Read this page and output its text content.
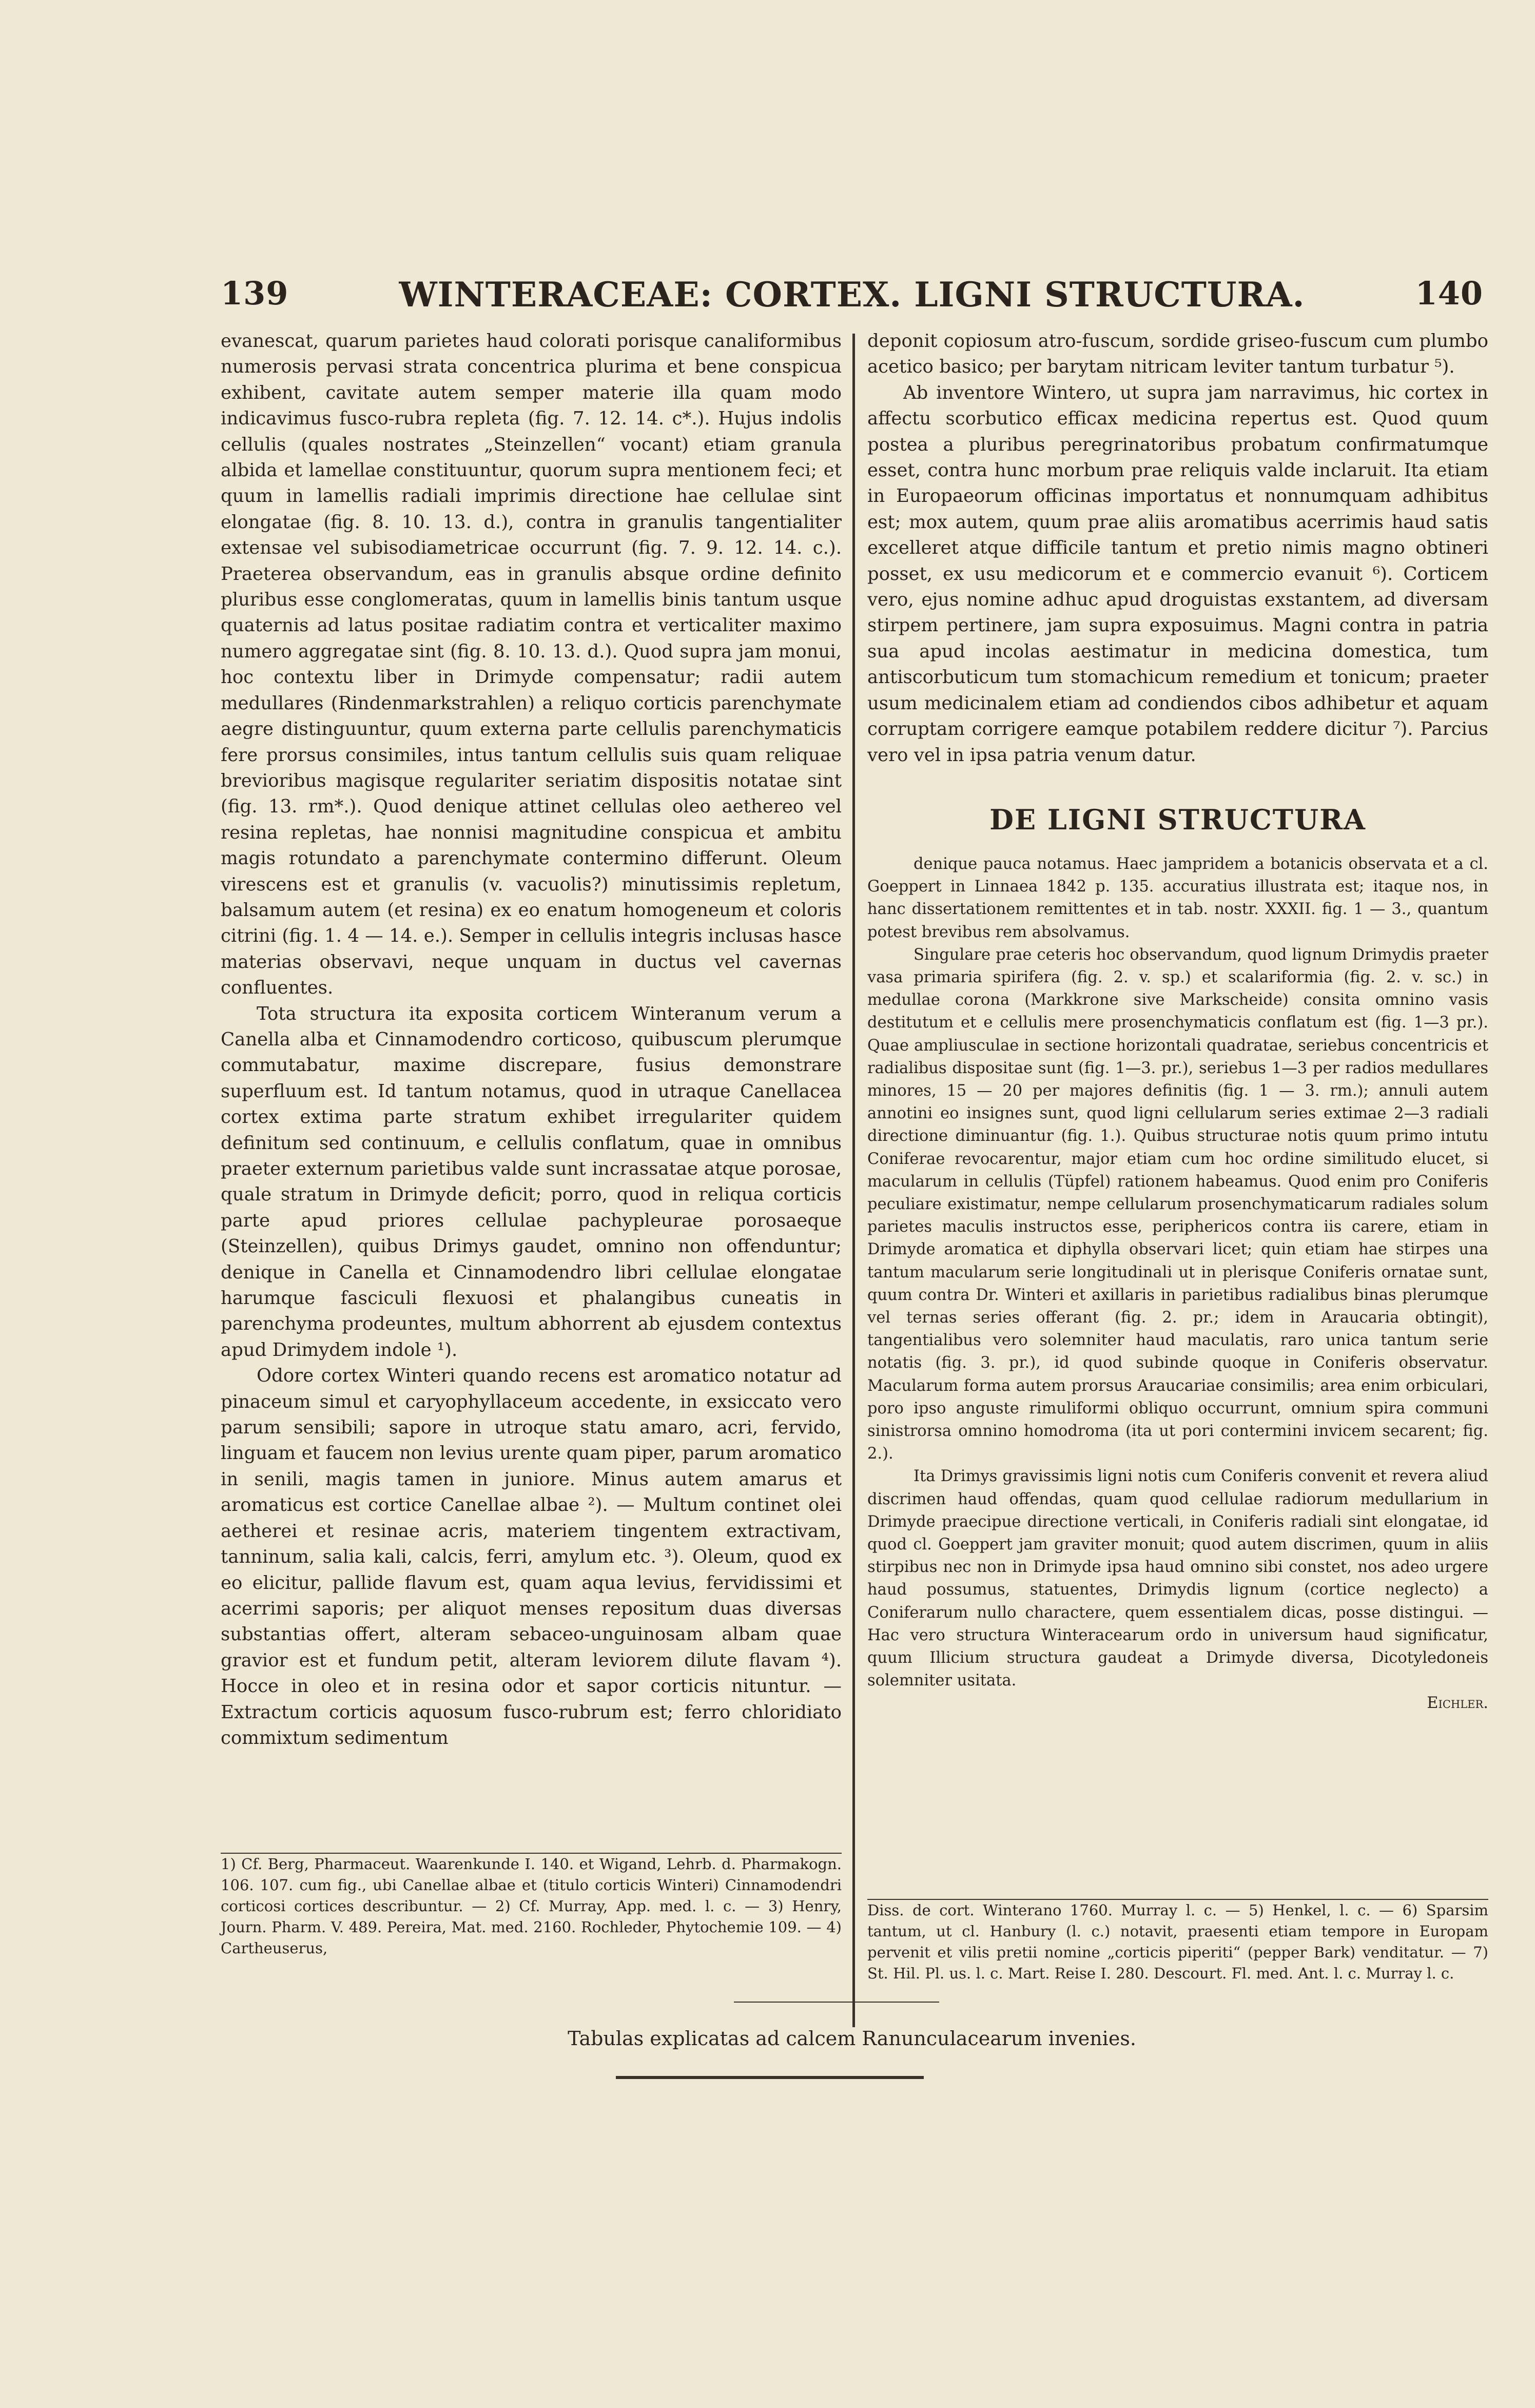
139	WINTERACEAE: CORTEX. LIGNI STRUCTURA.	140

evanescat, quarum parietes haud colorati porisque canaliformibus numerosis pervasi strata concentrica plurima et bene conspicua exhibent, cavitate autem semper materie illa quam modo indicavimus fusco-rubra repleta (fig. 7. 12. 14. c*.). Hujus indolis cellulis (quales nostrates „Steinzellen“ vocant) etiam granula albida et lamellae constituuntur, quorum supra mentionem feci; et quum in lamellis radiali imprimis directione hae cellulae sint elongatae (fig. 8. 10. 13. d.), contra in granulis tangentialiter extensae vel subisodiametricae occurrunt (fig. 7. 9. 12. 14. c.). Praeterea observandum, eas in granulis absque ordine definito pluribus esse conglomeratas, quum in lamellis binis tantum usque quaternis ad latus positae radiatim contra et verticaliter maximo numero aggregatae sint (fig. 8. 10. 13. d.). Quod supra jam monui, hoc contextu liber in Drimyde compensatur; radii autem medullares (Rindenmarkstrahlen) a reliquo corticis parenchymate aegre distinguuntur, quum externa parte cellulis parenchymaticis fere prorsus consimiles, intus tantum cellulis suis quam reliquae brevioribus magisque regulariter seriatim dispositis notatae sint (fig. 13. rm*.). Quod denique attinet cellulas oleo aethereo vel resina repletas, hae nonnisi magnitudine conspicua et ambitu magis rotundato a parenchymate contermino differunt. Oleum virescens est et granulis (v. vacuolis?) minutissimis repletum, balsamum autem (et resina) ex eo enatum homogeneum et coloris citrini (fig. 1. 4 — 14. e.). Semper in cellulis integris inclusas hasce materias observavi, neque unquam in ductus vel cavernas confluentes.

Tota structura ita exposita corticem Winteranum verum a Canella alba et Cinnamodendro corticoso, quibuscum plerumque commutabatur, maxime discrepare, fusius demonstrare superfluum est. Id tantum notamus, quod in utraque Canellacea cortex extima parte stratum exhibet irregulariter quidem definitum sed continuum, e cellulis conflatum, quae in omnibus praeter externum parietibus valde sunt incrassatae atque porosae, quale stratum in Drimyde deficit; porro, quod in reliqua corticis parte apud priores cellulae pachypleurae porosaeque (Steinzellen), quibus Drimys gaudet, omnino non offenduntur; denique in Canella et Cinnamodendro libri cellulae elongatae harumque fasciculi flexuosi et phalangibus cuneatis in parenchyma prodeuntes, multum abhorrent ab ejusdem contextus apud Drimydem indole ¹).

Odore cortex Winteri quando recens est aromatico notatur ad pinaceum simul et caryophyllaceum accedente, in exsiccato vero parum sensibili; sapore in utroque statu amaro, acri, fervido, linguam et faucem non levius urente quam piper, parum aromatico in senili, magis tamen in juniore. Minus autem amarus et aromaticus est cortice Canellae albae ²). — Multum continet olei aetherei et resinae acris, materiem tingentem extractivam, tanninum, salia kali, calcis, ferri, amylum etc. ³). Oleum, quod ex eo elicitur, pallide flavum est, quam aqua levius, fervidissimi et acerrimi saporis; per aliquot menses repositum duas diversas substantias offert, alteram sebaceo-unguinosam albam quae gravior est et fundum petit, alteram leviorem dilute flavam ⁴). Hocce in oleo et in resina odor et sapor corticis nituntur. — Extractum corticis aquosum fusco-rubrum est; ferro chloridiato commixtum sedimentum

deponit copiosum atro-fuscum, sordide griseo-fuscum cum plumbo acetico basico; per barytam nitricam leviter tantum turbatur ⁵).

Ab inventore Wintero, ut supra jam narravimus, hic cortex in affectu scorbutico efficax medicina repertus est. Quod quum postea a pluribus peregrinatoribus probatum confirmatumque esset, contra hunc morbum prae reliquis valde inclaruit. Ita etiam in Europaeorum officinas importatus et nonnumquam adhibitus est; mox autem, quum prae aliis aromatibus acerrimis haud satis excelleret atque difficile tantum et pretio nimis magno obtineri posset, ex usu medicorum et e commercio evanuit ⁶). Corticem vero, ejus nomine adhuc apud droguistas exstantem, ad diversam stirpem pertinere, jam supra exposuimus. Magni contra in patria sua apud incolas aestimatur in medicina domestica, tum antiscorbuticum tum stomachicum remedium et tonicum; praeter usum medicinalem etiam ad condiendos cibos adhibetur et aquam corruptam corrigere eamque potabilem reddere dicitur ⁷). Parcius vero vel in ipsa patria venum datur.

DE LIGNI STRUCTURA

denique pauca notamus. Haec jampridem a botanicis observata et a cl. Goeppert in Linnaea 1842 p. 135. accuratius illustrata est; itaque nos, in hanc dissertationem remittentes et in tab. nostr. XXXII. fig. 1 — 3., quantum potest brevibus rem absolvamus.

Singulare prae ceteris hoc observandum, quod lignum Drimydis praeter vasa primaria spirifera (fig. 2. v. sp.) et scalariformia (fig. 2. v. sc.) in medullae corona (Markkrone sive Markscheide) consita omnino vasis destitutum et e cellulis mere prosenchymaticis conflatum est (fig. 1—3 pr.). Quae ampliusculae in sectione horizontali quadratae, seriebus concentricis et radialibus dispositae sunt (fig. 1—3. pr.), seriebus 1—3 per radios medullares minores, 15 — 20 per majores definitis (fig. 1 — 3. rm.); annuli autem annotini eo insignes sunt, quod ligni cellularum series extimae 2—3 radiali directione diminuantur (fig. 1.). Quibus structurae notis quum primo intutu Coniferae revocarentur, major etiam cum hoc ordine similitudo elucet, si macularum in cellulis (Tüpfel) rationem habeamus. Quod enim pro Coniferis peculiare existimatur, nempe cellularum prosenchymaticarum radiales solum parietes maculis instructos esse, periphericos contra iis carere, etiam in Drimyde aromatica et diphylla observari licet; quin etiam hae stirpes una tantum macularum serie longitudinali ut in plerisque Coniferis ornatae sunt, quum contra Dr. Winteri et axillaris in parietibus radialibus binas plerumque vel ternas series offerant (fig. 2. pr.; idem in Araucaria obtingit), tangentialibus vero solemniter haud maculatis, raro unica tantum serie notatis (fig. 3. pr.), id quod subinde quoque in Coniferis observatur. Macularum forma autem prorsus Araucariae consimilis; area enim orbiculari, poro ipso anguste rimuliformi obliquo occurrunt, omnium spira communi sinistrorsa omnino homodroma (ita ut pori contermini invicem secarent; fig. 2.).

Ita Drimys gravissimis ligni notis cum Coniferis convenit et revera aliud discrimen haud offendas, quam quod cellulae radiorum medullarium in Drimyde praecipue directione verticali, in Coniferis radiali sint elongatae, id quod cl. Goeppert jam graviter monuit; quod autem discrimen, quum in aliis stirpibus nec non in Drimyde ipsa haud omnino sibi constet, nos adeo urgere haud possumus, statuentes, Drimydis lignum (cortice neglecto) a Coniferarum nullo charactere, quem essentialem dicas, posse distingui. — Hac vero structura Winteracearum ordo in universum haud significatur, quum Illicium structura gaudeat a Drimyde diversa, Dicotyledoneis solemniter usitata.

Eichler.

1) Cf. Berg, Pharmaceut. Waarenkunde I. 140. et Wigand, Lehrb. d. Pharmakogn. 106. 107. cum fig., ubi Canellae albae et (titulo corticis Winteri) Cinnamodendri corticosi cortices describuntur. — 2) Cf. Murray, App. med. l. c. — 3) Henry, Journ. Pharm. V. 489. Pereira, Mat. med. 2160. Rochleder, Phytochemie 109. — 4) Cartheuserus,
Diss. de cort. Winterano 1760. Murray l. c. — 5) Henkel, l. c. — 6) Sparsim tantum, ut cl. Hanbury (l. c.) notavit, praesenti etiam tempore in Europam pervenit et vilis pretii nomine „corticis piperiti“ (pepper Bark) venditatur. — 7) St. Hil. Pl. us. l. c. Mart. Reise I. 280. Descourt. Fl. med. Ant. l. c. Murray l. c.
Tabulas explicatas ad calcem Ranunculacearum invenies.
